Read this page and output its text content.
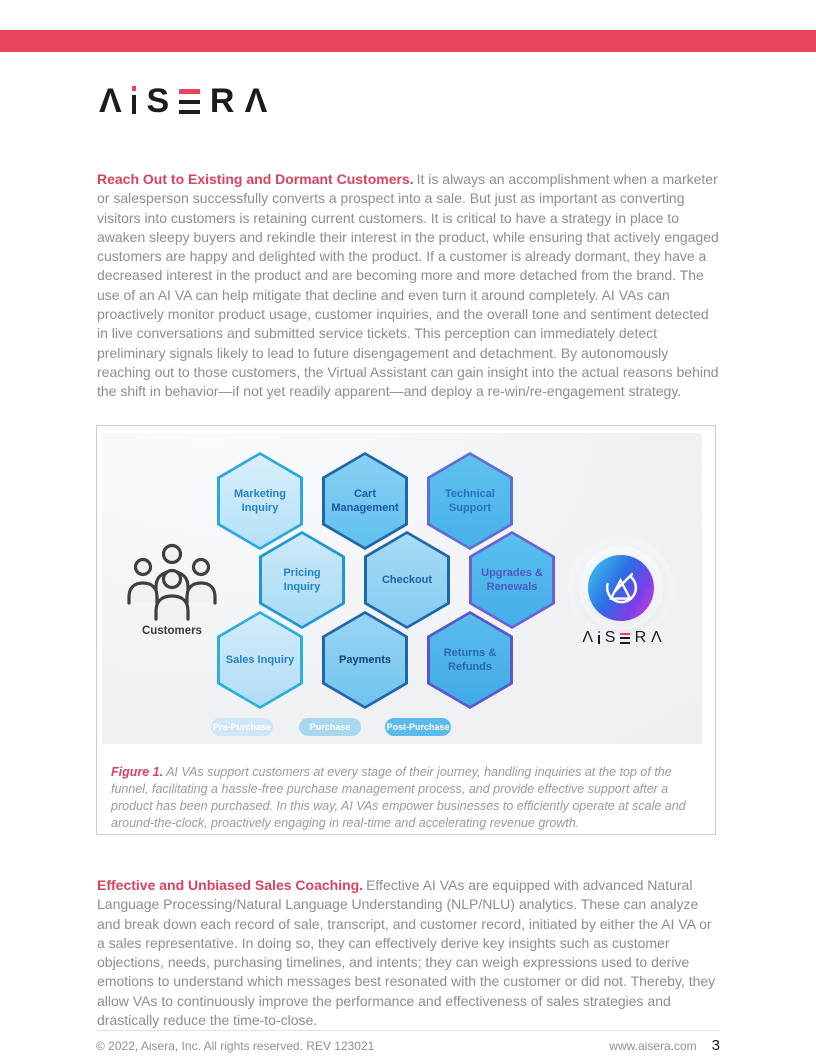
Λ S R Λ

Reach Out to Existing and Dormant Customers. It is always an accomplishment when a marketer or salesperson successfully converts a prospect into a sale. But just as important as converting visitors into customers is retaining current customers. It is critical to have a strategy in place to awaken sleepy buyers and rekindle their interest in the product, while ensuring that actively engaged customers are happy and delighted with the product. If a customer is already dormant, they have a decreased interest in the product and are becoming more and more detached from the brand. The use of an AI VA can help mitigate that decline and even turn it around completely. AI VAs can proactively monitor product usage, customer inquiries, and the overall tone and sentiment detected in live conversations and submitted service tickets. This perception can immediately detect preliminary signals likely to lead to future disengagement and detachment. By autonomously reaching out to those customers, the Virtual Assistant can gain insight into the actual reasons behind the shift in behavior—if not yet readily apparent—and deploy a re-win/re-engagement strategy.

Customers
Marketing Inquiry
Cart Management
Technical Support
Pricing Inquiry
Checkout
Upgrades & Renewals
Sales Inquiry	Payments
Returns & Refunds
Pre-Purchase	Purchase	Post-Purchase
Λ S R Λ

Figure 1. AI VAs support customers at every stage of their journey, handling inquiries at the top of the funnel, facilitating a hassle-free purchase management process, and provide effective support after a product has been purchased. In this way, AI VAs empower businesses to efficiently operate at scale and around-the-clock, proactively engaging in real-time and accelerating revenue growth.

Effective and Unbiased Sales Coaching. Effective AI VAs are equipped with advanced Natural Language Processing/Natural Language Understanding (NLP/NLU) analytics. These can analyze and break down each record of sale, transcript, and customer record, initiated by either the AI VA or a sales representative. In doing so, they can effectively derive key insights such as customer objections, needs, purchasing timelines, and intents; they can weigh expressions used to derive emotions to understand which messages best resonated with the customer or did not. Thereby, they allow VAs to continuously improve the performance and effectiveness of sales strategies and drastically reduce the time-to-close.

© 2022, Aisera, Inc. All rights reserved. REV 123021	www.aisera.com 3
